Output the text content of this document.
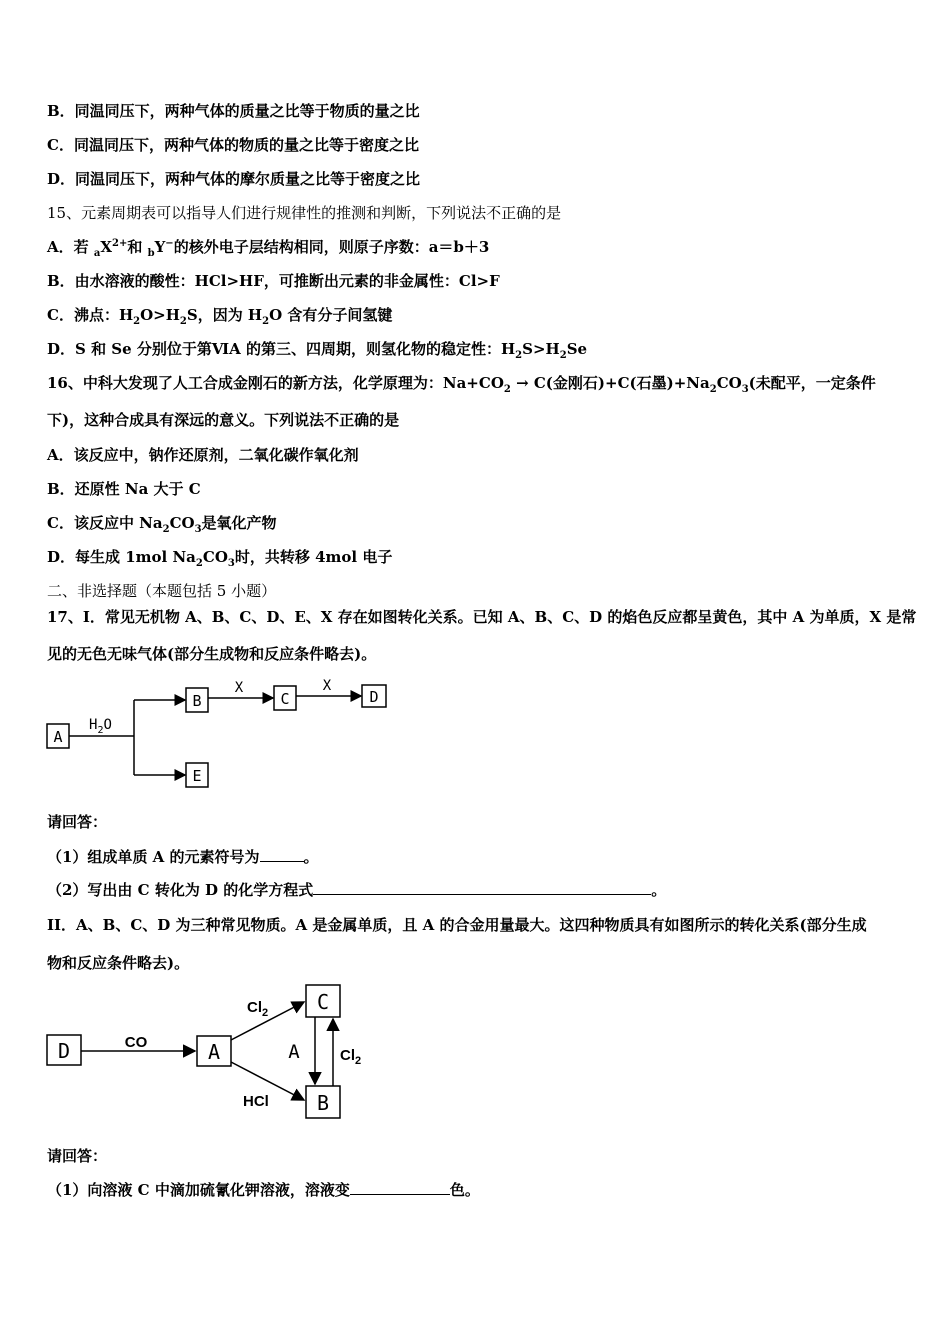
B．同温同压下，两种气体的质量之比等于物质的量之比
C．同温同压下，两种气体的物质的量之比等于密度之比
D．同温同压下，两种气体的摩尔质量之比等于密度之比
15、元素周期表可以指导人们进行规律性的推测和判断，下列说法不正确的是
A．若 $_aX^{2+}$和 $_b$Y−的核外电子层结构相同，则原子序数：a＝b＋3
B．由水溶液的酸性：HCl>HF，可推断出元素的非金属性：Cl>F
C．沸点：$H_2O>H_2S$，因为 $H_2O$ 含有分子间氢键
D．S 和 Se 分别位于第ⅥA 的第三、四周期，则氢化物的稳定性：$H_2S>H_2Se$
16、中科大发现了人工合成金刚石的新方法，化学原理为：$Na+CO_2 \to C$(金刚石)+C(石墨)$+Na_2CO_3$(未配平，一定条件
下)，这种合成具有深远的意义。下列说法不正确的是
A．该反应中，钠作还原剂，二氧化碳作氧化剂
B．还原性 Na 大于 C
C．该反应中 $Na_2CO_3$是氧化产物
D．每生成 1mol $Na_2CO_3$时，共转移 4mol 电子
二、非选择题（本题包括 5 小题）
17、I．常见无机物 A、B、C、D、E、X 存在如图转化关系。已知 A、B、C、D 的焰色反应都呈黄色，其中 A 为单质，X 是常
见的无色无味气体(部分生成物和反应条件略去)。
A
B	C	D
E
$H_2O$
X	X
请回答：
（1）组成单质 A 的元素符号为	。
（2）写出由 C 转化为 D 的化学方程式	。
II．A、B、C、D 为三种常见物质。A 是金属单质，且 A 的合金用量最大。这四种物质具有如图所示的转化关系(部分生成
物和反应条件略去)。
D	A
C
B
CO
$Cl_2$
HCl
A	$Cl_2$
请回答：
（1）向溶液 C 中滴加硫氰化钾溶液，溶液变	色。
